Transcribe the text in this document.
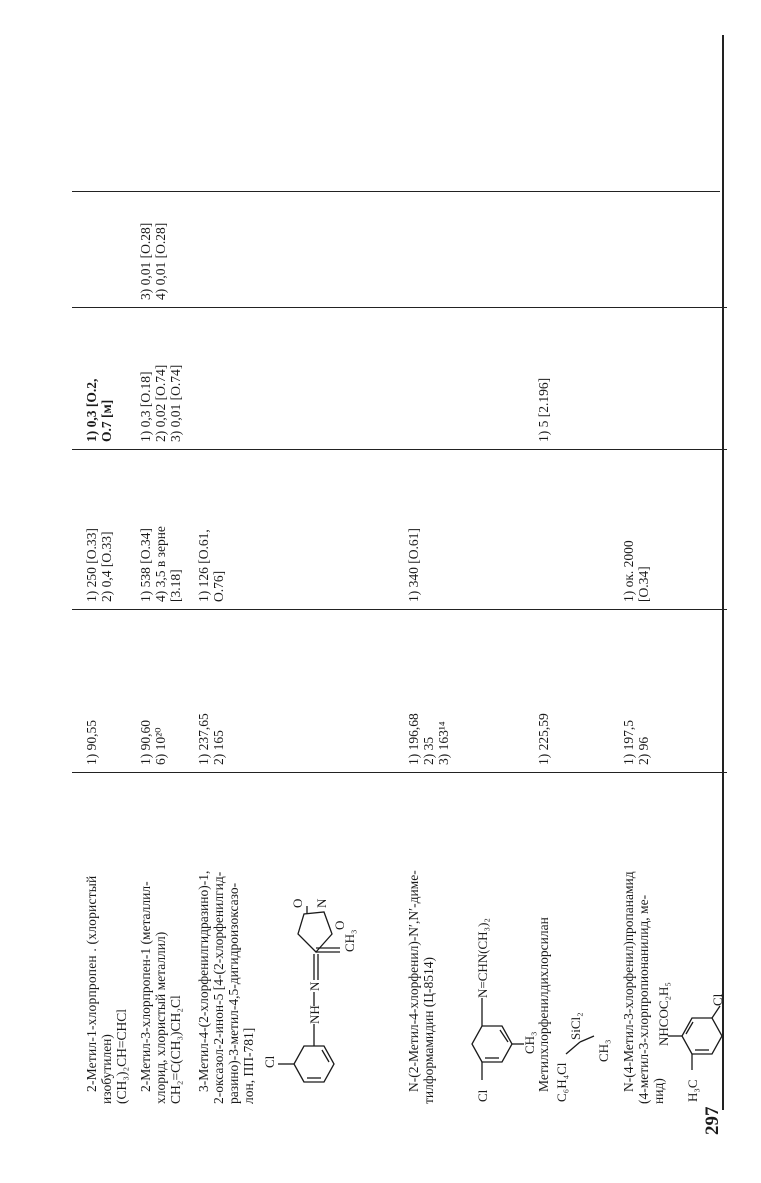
2-Метил-1-хлорпропен . (хлористый изобутилен) (CH₃)₂CH=CHCl
1) 90,55
1) 250 [O.33] 2) 0,4 [O.33]
1) 0,3 [O.2, O.7 [м]
2-Метил-3-хлорпропен-1 (металлил- хлорид, хлористый металлил) CH₂=C(CH₃)CH₂Cl
1) 90,60 6) 10²⁰
1) 538 [O.34] 4) 3,5 в зерне [3.18]
1) 0,3 [O.18] 2) 0,02 [O.74] 3) 0,01 [O.74]
3) 0,01 [O.28] 4) 0,01 [O.28]
3-Метил-4-(2-хлорфенилгидразино)-1, 2-оксазол-2-инон-5 [4-(2-хлорфенилгид- разино)-3-метил-4,5-дигидроизоксазо- лон, ПП-781]
1) 237,65 2) 165
1) 126 [O.61, O.76]
Cl
NH
N
O
O N
CH₃	N-(2-Метил-4-хлорфенил)-N′,N′-диме- тилформамидин (Ц-8514)
1) 196,68 2) 35 3) 163¹⁴
1) 340 [O.61]
Cl
N=CHN(CH₃)₂
CH₃ Метилхлорфенилдихлорсилан
1) 225,59
1) 5 [2.196]
C₆H₄Cl
SiCl₂
CH₃ N-(4-Метил-3-хлорфенил)пропанамид (4-метил-3-хлорпропионанилид, ме- нид)
1) 197,5 2) 96
1) ок. 2000 [O.34]
H₃C
NHCOC₂H₅	Cl
297
